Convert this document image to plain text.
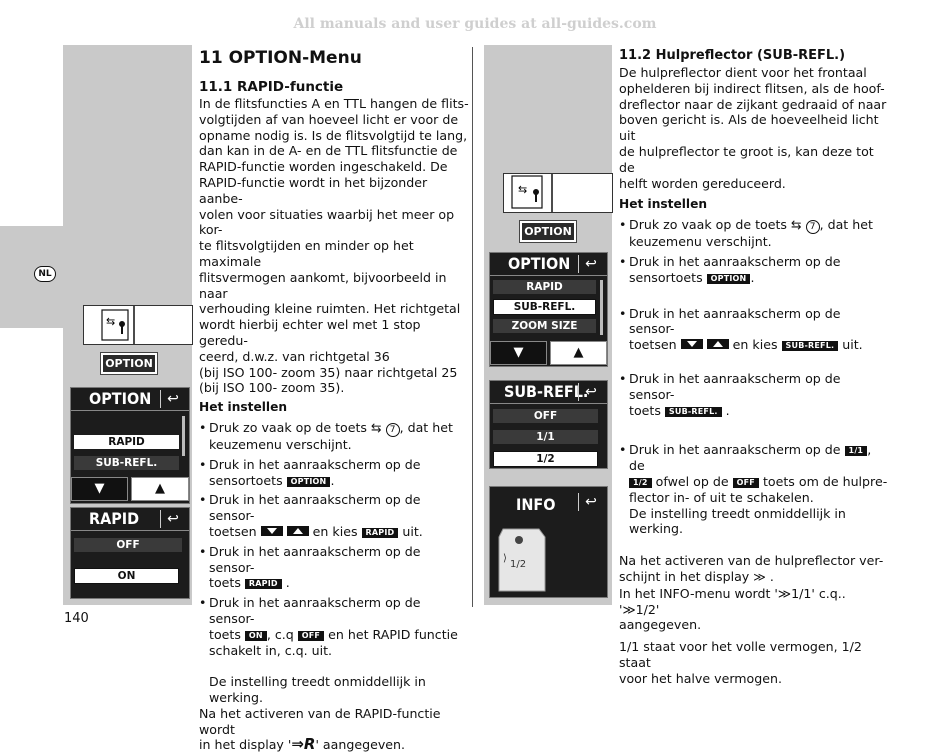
All manuals and user guides at all-guides.com
NL
⇆
OPTION
OPTION	↩
RAPID
SUB-REFL.
▼	▲
RAPID	↩
OFF
ON
⇆
OPTION
OPTION	↩
RAPID
SUB-REFL.
ZOOM SIZE
▼	▲
SUB-REFL.
↩
OFF
1/1
1/2
INFO	↩
1/2
⟩
11 OPTION-Menu
11.1 RAPID-functie

In de flitsfuncties A en TTL hangen de flits-

volgtijden af van hoeveel licht er voor de

opname nodig is. Is de flitsvolgtijd te lang,

dan kan in de A- en de TTL flitsfunctie de

RAPID-functie worden ingeschakeld. De

RAPID-functie wordt in het bijzonder aanbe-

volen voor situaties waarbij het meer op kor-

te flitsvolgtijden en minder op het maximale

flitsvermogen aankomt, bijvoorbeeld in naar

verhouding kleine ruimten. Het richtgetal

wordt hierbij echter wel met 1 stop geredu-

ceerd, d.w.z. van richtgetal 36

(bij ISO 100- zoom 35) naar richtgetal 25

(bij ISO 100- zoom 35).

Het instellen

• Druk zo vaak op de toets ⇆ 7 , dat het
keuzemenu verschijnt.
• Druk in het aanraakscherm op de
sensortoets OPTION .
• Druk in het aanraakscherm op de sensor-
toetsen	en kies RAPID uit.
• Druk in het aanraakscherm op de sensor-
toets RAPID .
• Druk in het aanraakscherm op de sensor-
toets ON , c.q OFF en het RAPID functie
schakelt in, c.q. uit.

De instelling treedt onmiddellijk in werking.

Na het activeren van de RAPID-functie wordt

in het display '⇒R' aangegeven.

11.2 Hulpreflector (SUB-REFL.)

De hulpreflector dient voor het frontaal

ophelderen bij indirect flitsen, als de hoof-

dreflector naar de zijkant gedraaid of naar

boven gericht is. Als de hoeveelheid licht uit

de hulpreflector te groot is, kan deze tot de

helft worden gereduceerd.

Het instellen

• Druk zo vaak op de toets ⇆ 7 , dat het
keuzemenu verschijnt.
• Druk in het aanraakscherm op de
sensortoets OPTION .
• Druk in het aanraakscherm op de sensor-
toetsen	en kies SUB-REFL. uit.
• Druk in het aanraakscherm op de sensor-
toets SUB-REFL. .
• Druk in het aanraakscherm op de 1/1 , de
1/2 ofwel op de OFF toets om de hulpre-
flector in- of uit te schakelen.
De instelling treedt onmiddellijk in werking.

Na het activeren van de hulpreflector ver-

schijnt in het display ≫ .

In het INFO-menu wordt '≫1/1' c.q.. '≫1/2'

aangegeven.

1/1 staat voor het volle vermogen, 1/2 staat

voor het halve vermogen.

140
